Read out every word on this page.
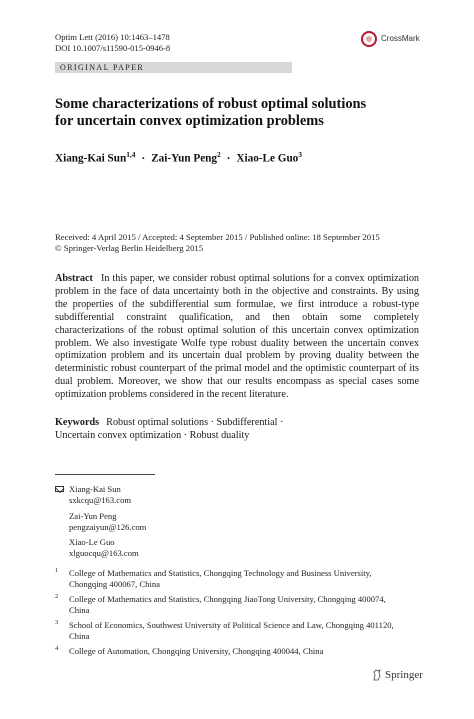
Optim Lett (2016) 10:1463–1478
DOI 10.1007/s11590-015-0946-8
CrossMark
ORIGINAL PAPER
Some characterizations of robust optimal solutions
for uncertain convex optimization problems
Xiang-Kai Sun$^{1,4}$ · Zai-Yun Peng$^2$ · Xiao-Le Guo$^3$
Received: 4 April 2015 / Accepted: 4 September 2015 / Published online: 18 September 2015
© Springer-Verlag Berlin Heidelberg 2015
Abstract In this paper, we consider robust optimal solutions for a convex optimization problem in the face of data uncertainty both in the objective and constraints. By using the properties of the subdifferential sum formulae, we first introduce a robust-type subdifferential constraint qualification, and then obtain some completely characterizations of the robust optimal solution of this uncertain convex optimization problem. We also investigate Wolfe type robust duality between the uncertain convex optimization problem and its uncertain dual problem by proving duality between the deterministic robust counterpart of the primal model and the optimistic counterpart of its dual problem. Moreover, we show that our results encompass as special cases some optimization problems considered in the recent literature.
Keywords Robust optimal solutions · Subdifferential ·
Uncertain convex optimization · Robust duality
Xiang-Kai Sun
sxkcqu@163.com
Zai-Yun Peng
pengzaiyun@126.com
Xiao-Le Guo
xlguocqu@163.com
1 College of Mathematics and Statistics, Chongqing Technology and Business University,
Chongqing 400067, China
2 College of Mathematics and Statistics, Chongqing JiaoTong University, Chongqing 400074,
China
3 School of Economics, Southwest University of Political Science and Law, Chongqing 401120,
China
4 College of Automation, Chongqing University, Chongqing 400044, China
Springer
